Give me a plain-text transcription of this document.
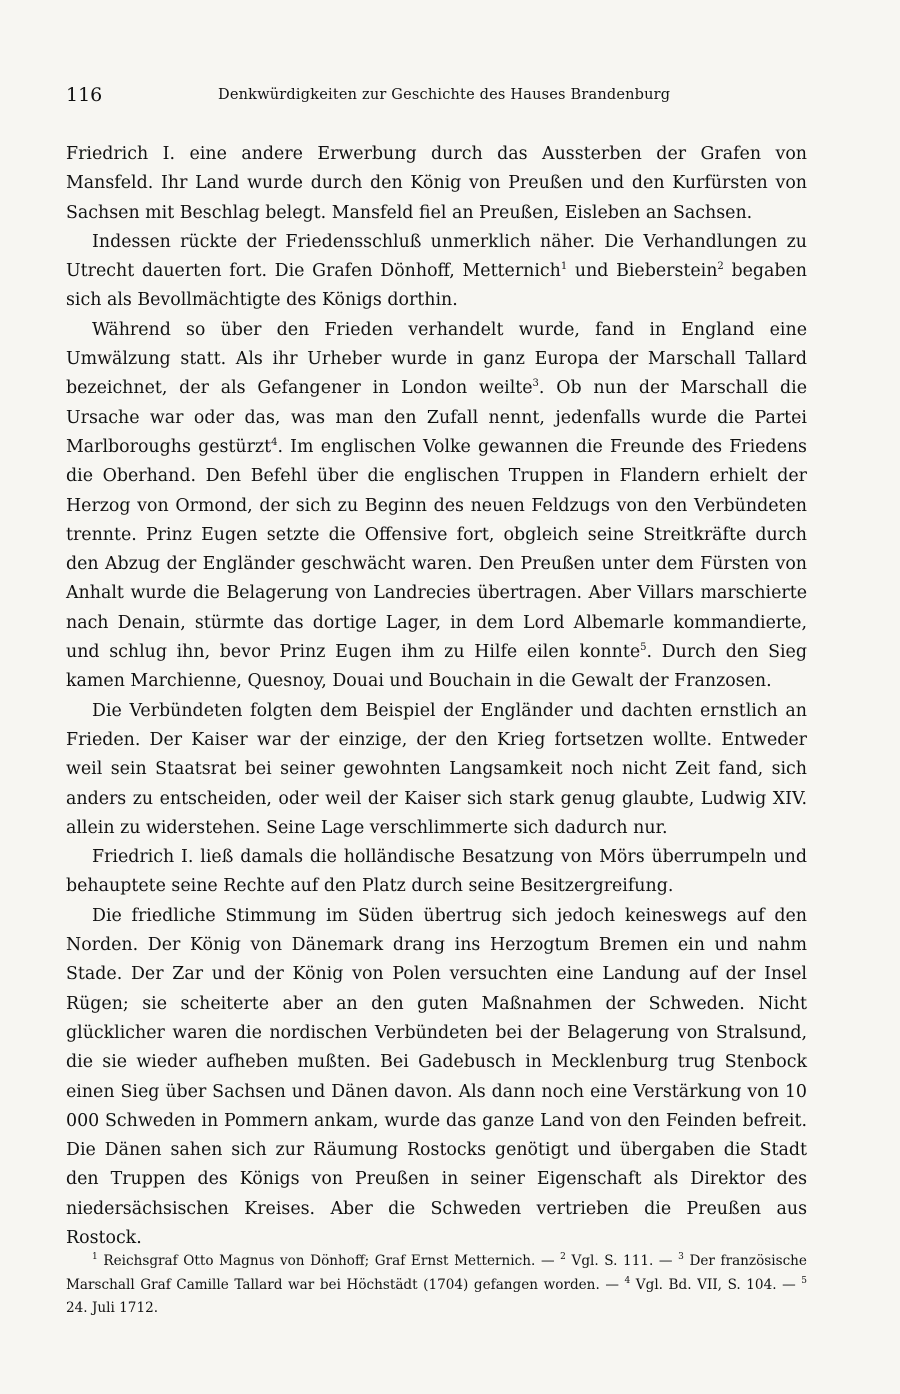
116	Denkwürdigkeiten zur Geschichte des Hauses Brandenburg

Friedrich I. eine andere Erwerbung durch das Aussterben der Grafen von Mansfeld. Ihr Land wurde durch den König von Preußen und den Kurfürsten von Sachsen mit Beschlag belegt. Mansfeld fiel an Preußen, Eisleben an Sachsen.

Indessen rückte der Friedensschluß unmerklich näher. Die Verhandlungen zu Utrecht dauerten fort. Die Grafen Dönhoff, Metternich$^1$ und Bieberstein$^2$ begaben sich als Bevollmächtigte des Königs dorthin.

Während so über den Frieden verhandelt wurde, fand in England eine Umwälzung statt. Als ihr Urheber wurde in ganz Europa der Marschall Tallard bezeichnet, der als Gefangener in London weilte$^3$. Ob nun der Marschall die Ursache war oder das, was man den Zufall nennt, jedenfalls wurde die Partei Marlboroughs gestürzt$^4$. Im englischen Volke gewannen die Freunde des Friedens die Oberhand. Den Befehl über die englischen Truppen in Flandern erhielt der Herzog von Ormond, der sich zu Beginn des neuen Feldzugs von den Verbündeten trennte. Prinz Eugen setzte die Offensive fort, obgleich seine Streitkräfte durch den Abzug der Engländer geschwächt waren. Den Preußen unter dem Fürsten von Anhalt wurde die Belagerung von Landrecies übertragen. Aber Villars marschierte nach Denain, stürmte das dortige Lager, in dem Lord Albemarle kommandierte, und schlug ihn, bevor Prinz Eugen ihm zu Hilfe eilen konnte$^5$. Durch den Sieg kamen Marchienne, Quesnoy, Douai und Bouchain in die Gewalt der Franzosen.

Die Verbündeten folgten dem Beispiel der Engländer und dachten ernstlich an Frieden. Der Kaiser war der einzige, der den Krieg fortsetzen wollte. Entweder weil sein Staatsrat bei seiner gewohnten Langsamkeit noch nicht Zeit fand, sich anders zu entscheiden, oder weil der Kaiser sich stark genug glaubte, Ludwig XIV. allein zu widerstehen. Seine Lage verschlimmerte sich dadurch nur.

Friedrich I. ließ damals die holländische Besatzung von Mörs überrumpeln und behauptete seine Rechte auf den Platz durch seine Besitzergreifung.

Die friedliche Stimmung im Süden übertrug sich jedoch keineswegs auf den Norden. Der König von Dänemark drang ins Herzogtum Bremen ein und nahm Stade. Der Zar und der König von Polen versuchten eine Landung auf der Insel Rügen; sie scheiterte aber an den guten Maßnahmen der Schweden. Nicht glücklicher waren die nordischen Verbündeten bei der Belagerung von Stralsund, die sie wieder aufheben mußten. Bei Gadebusch in Mecklenburg trug Stenbock einen Sieg über Sachsen und Dänen davon. Als dann noch eine Verstärkung von 10 000 Schweden in Pommern ankam, wurde das ganze Land von den Feinden befreit. Die Dänen sahen sich zur Räumung Rostocks genötigt und übergaben die Stadt den Truppen des Königs von Preußen in seiner Eigenschaft als Direktor des niedersächsischen Kreises. Aber die Schweden vertrieben die Preußen aus Rostock.

$^1$ Reichsgraf Otto Magnus von Dönhoff; Graf Ernst Metternich. — $^2$ Vgl. S. 111. — $^3$ Der französische Marschall Graf Camille Tallard war bei Höchstädt (1704) gefangen worden. — $^4$ Vgl. Bd. VII, S. 104. — $^5$ 24. Juli 1712.
